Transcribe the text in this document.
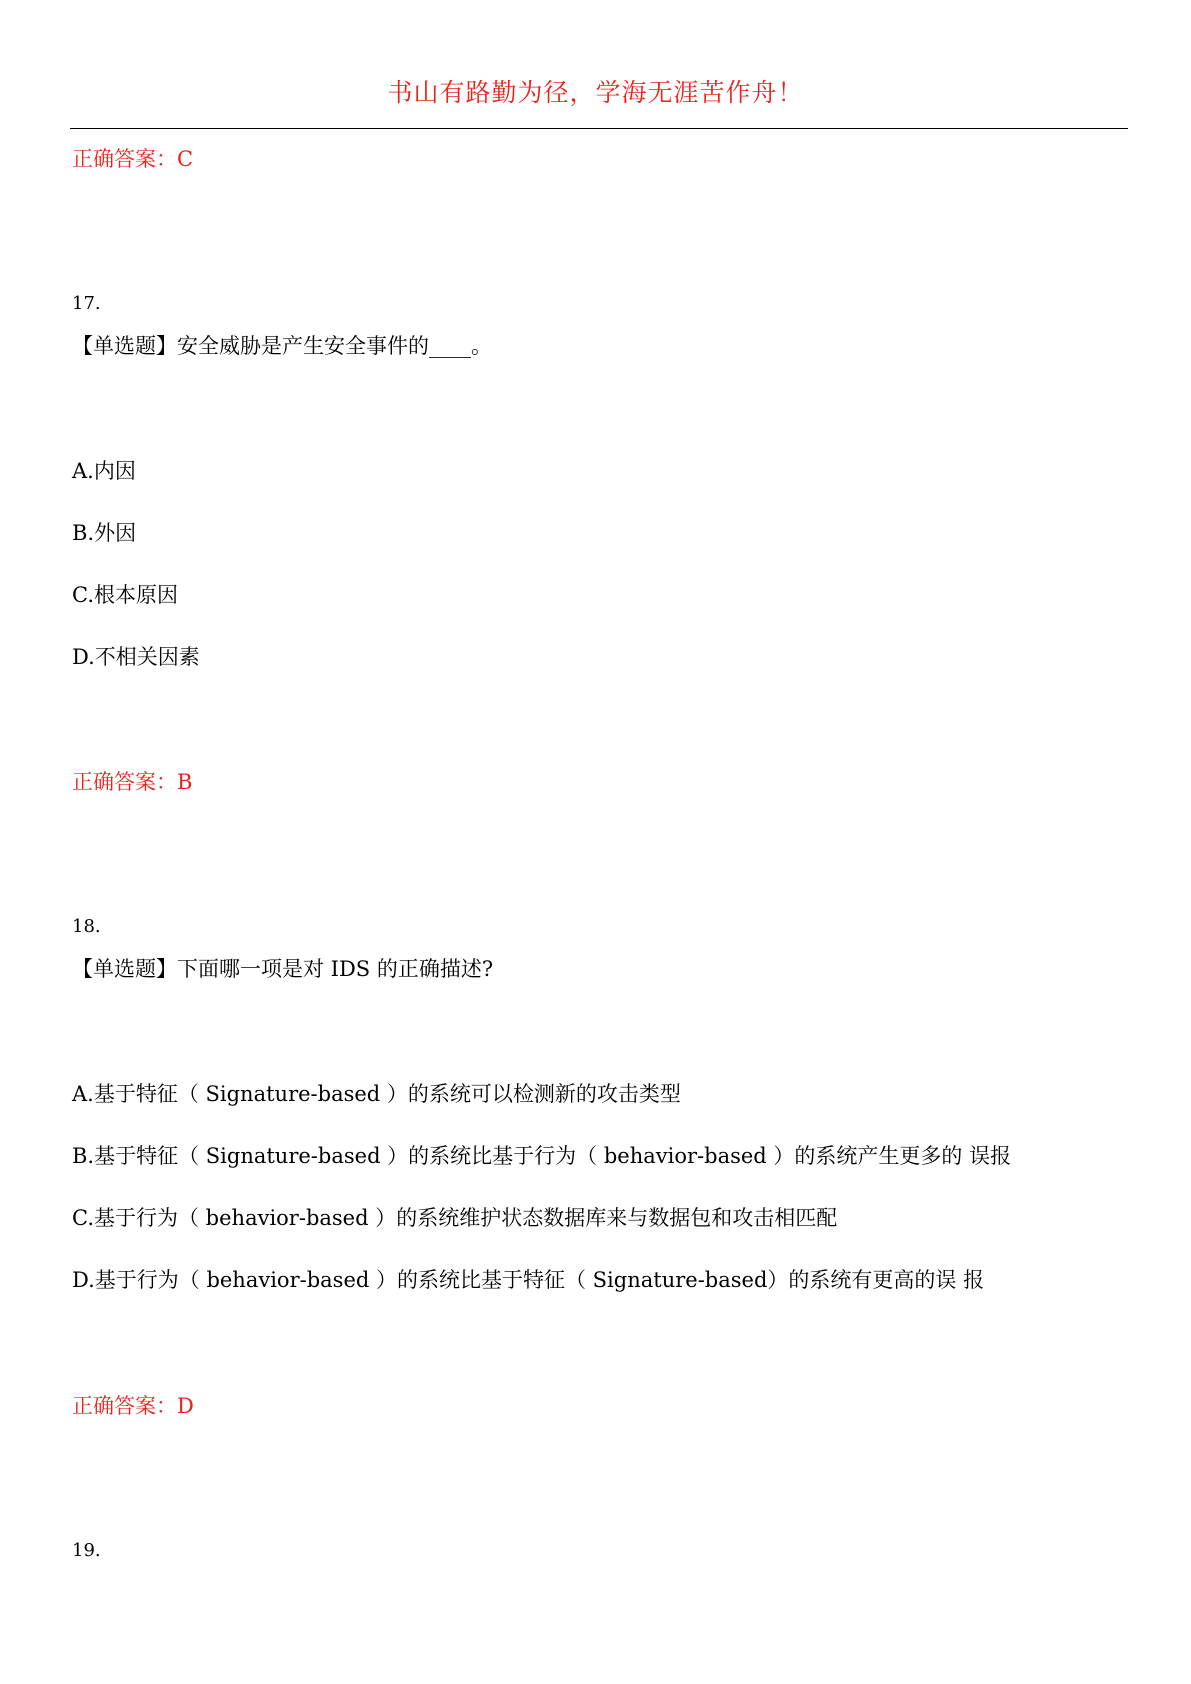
书山有路勤为径，学海无涯苦作舟！
正确答案：C
17.
【单选题】安全威胁是产生安全事件的____。
A.内因
B.外因
C.根本原因
D.不相关因素
正确答案：B
18.
【单选题】下面哪一项是对 IDS 的正确描述?
A.基于特征（ Signature-based ）的系统可以检测新的攻击类型
B.基于特征（ Signature-based ）的系统比基于行为（ behavior-based ）的系统产生更多的 误报
C.基于行为（ behavior-based ）的系统维护状态数据库来与数据包和攻击相匹配
D.基于行为（ behavior-based ）的系统比基于特征（ Signature-based）的系统有更高的误 报
正确答案：D
19.
